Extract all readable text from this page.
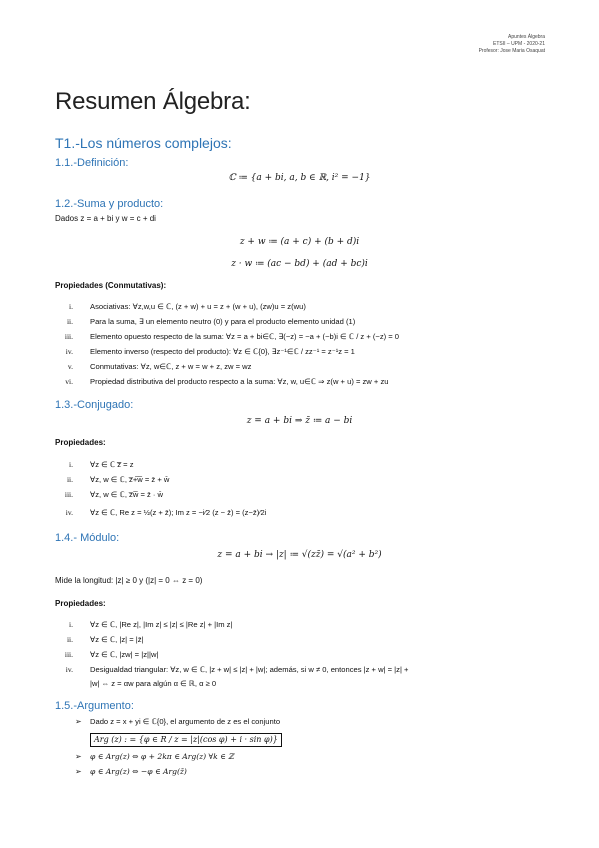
Apuntes Álgebra
ETSII – UPM - 2020-21
Profesor: Jose Maria Osaquat
Resumen Álgebra:
T1.-Los números complejos:
1.1.-Definición:
ℂ ≔ {a + bi, a, b ∈ ℝ, i² = −1}
1.2.-Suma y producto:
Dados z = a + bi y w = c + di
z + w ≔ (a + c) + (b + d)i
z · w ≔ (ac − bd) + (ad + bc)i
Propiedades (Conmutativas):
i. Asociativas: ∀z,w,u ∈ ℂ, (z + w) + u = z + (w + u), (zw)u = z(wu)
ii. Para la suma, ∃ un elemento neutro (0) y para el producto elemento unidad (1)
iii. Elemento opuesto respecto de la suma: ∀z = a + bi∈ℂ, ∃(−z) = −a + (−b)i ∈ ℂ / z + (−z) = 0
iv. Elemento inverso (respecto del producto): ∀z ∈ ℂ{0}, ∃z⁻¹∈ℂ / zz⁻¹ = z⁻¹z = 1
v. Conmutativas: ∀z, w∈ℂ, z + w = w + z, zw = wz
vi. Propiedad distributiva del producto respecto a la suma: ∀z, w, u∈ℂ ⇒ z(w + u) = zw + zu
1.3.-Conjugado:
z = a + bi ⇒ z̄ ≔ a − bi
Propiedades:
i. ∀z ∈ ℂ z̿ = z
ii. ∀z, w ∈ ℂ, z̅+̅w̅ = z̄ + w̄
iii. ∀z, w ∈ ℂ, z̅w̅ = z̄ · w̄
iv. ∀z ∈ ℂ, Re z = ½(z + z̄); Im z = −i⁄2 (z − z̄) = (z−z̄)⁄2i
1.4.- Módulo:
z = a + bi → |z| ≔ √(zz̄) = √(a² + b²)
Mide la longitud: |z| ≥ 0 y (|z| = 0 ⇔ z = 0)
Propiedades:
i. ∀z ∈ ℂ, |Re z|, |Im z| ≤ |z| ≤ |Re z| + |Im z|
ii. ∀z ∈ ℂ, |z| = |z̄|
iii. ∀z ∈ ℂ, |zw| = |z||w|
iv. Desigualdad triangular: ∀z, w ∈ ℂ, |z + w| ≤ |z| + |w|; además, si w ≠ 0, entonces |z + w| = |z| +
|w| ⇔ z = αw para algún α ∈ ℝ, α ≥ 0
1.5.-Argumento:
➢ Dado z = x + yi ∈ ℂ{0}, el argumento de z es el conjunto
Arg (z) : = {φ ∈ R / z = |z|(cos φ) + i · sin φ)}
➢ φ ∈ Arg(z) ⇔ φ + 2kπ ∈ Arg(z) ∀k ∈ ℤ
➢ φ ∈ Arg(z) ⇔ −φ ∈ Arg(z̄)
